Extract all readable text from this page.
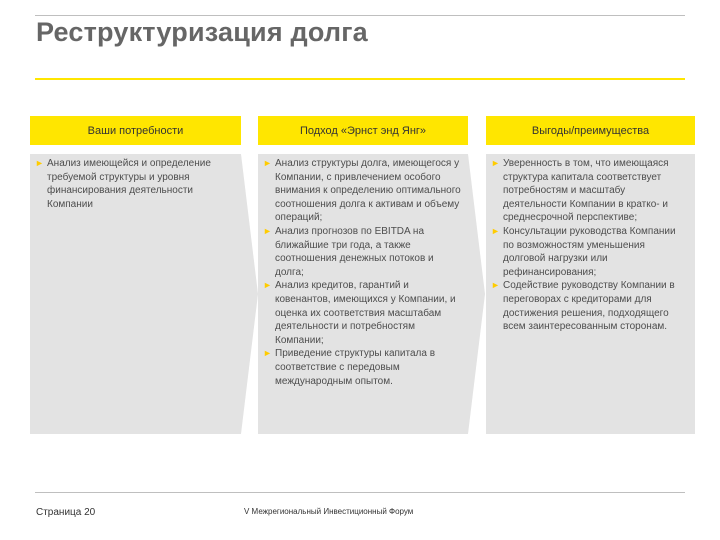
Реструктуризация долга
Ваши потребности	Подход «Эрнст энд Янг»	Выгоды/преимущества
► Анализ имеющейся и определение требуемой структуры и уровня финансирования деятельности Компании
► Анализ структуры долга, имеющегося у Компании, с привлечением особого внимания к определению оптимального соотношения долга к активам и объему операций;
► Анализ прогнозов по EBITDA на ближайшие три года, а также соотношения денежных потоков и долга;
► Анализ кредитов, гарантий и ковенантов, имеющихся у Компании, и оценка их соответствия масштабам деятельности и потребностям Компании;
► Приведение структуры капитала в соответствие с передовым международным опытом.
► Уверенность в том, что имеющаяся структура капитала соответствует потребностям и масштабу деятельности Компании в кратко- и среднесрочной перспективе;
► Консультации руководства Компании по возможностям уменьшения долговой нагрузки или рефинансирования;
► Содействие руководству Компании в переговорах с кредиторами для достижения решения, подходящего всем заинтересованным сторонам.
Страница 20	V Межрегиональный Инвестиционный Форум
